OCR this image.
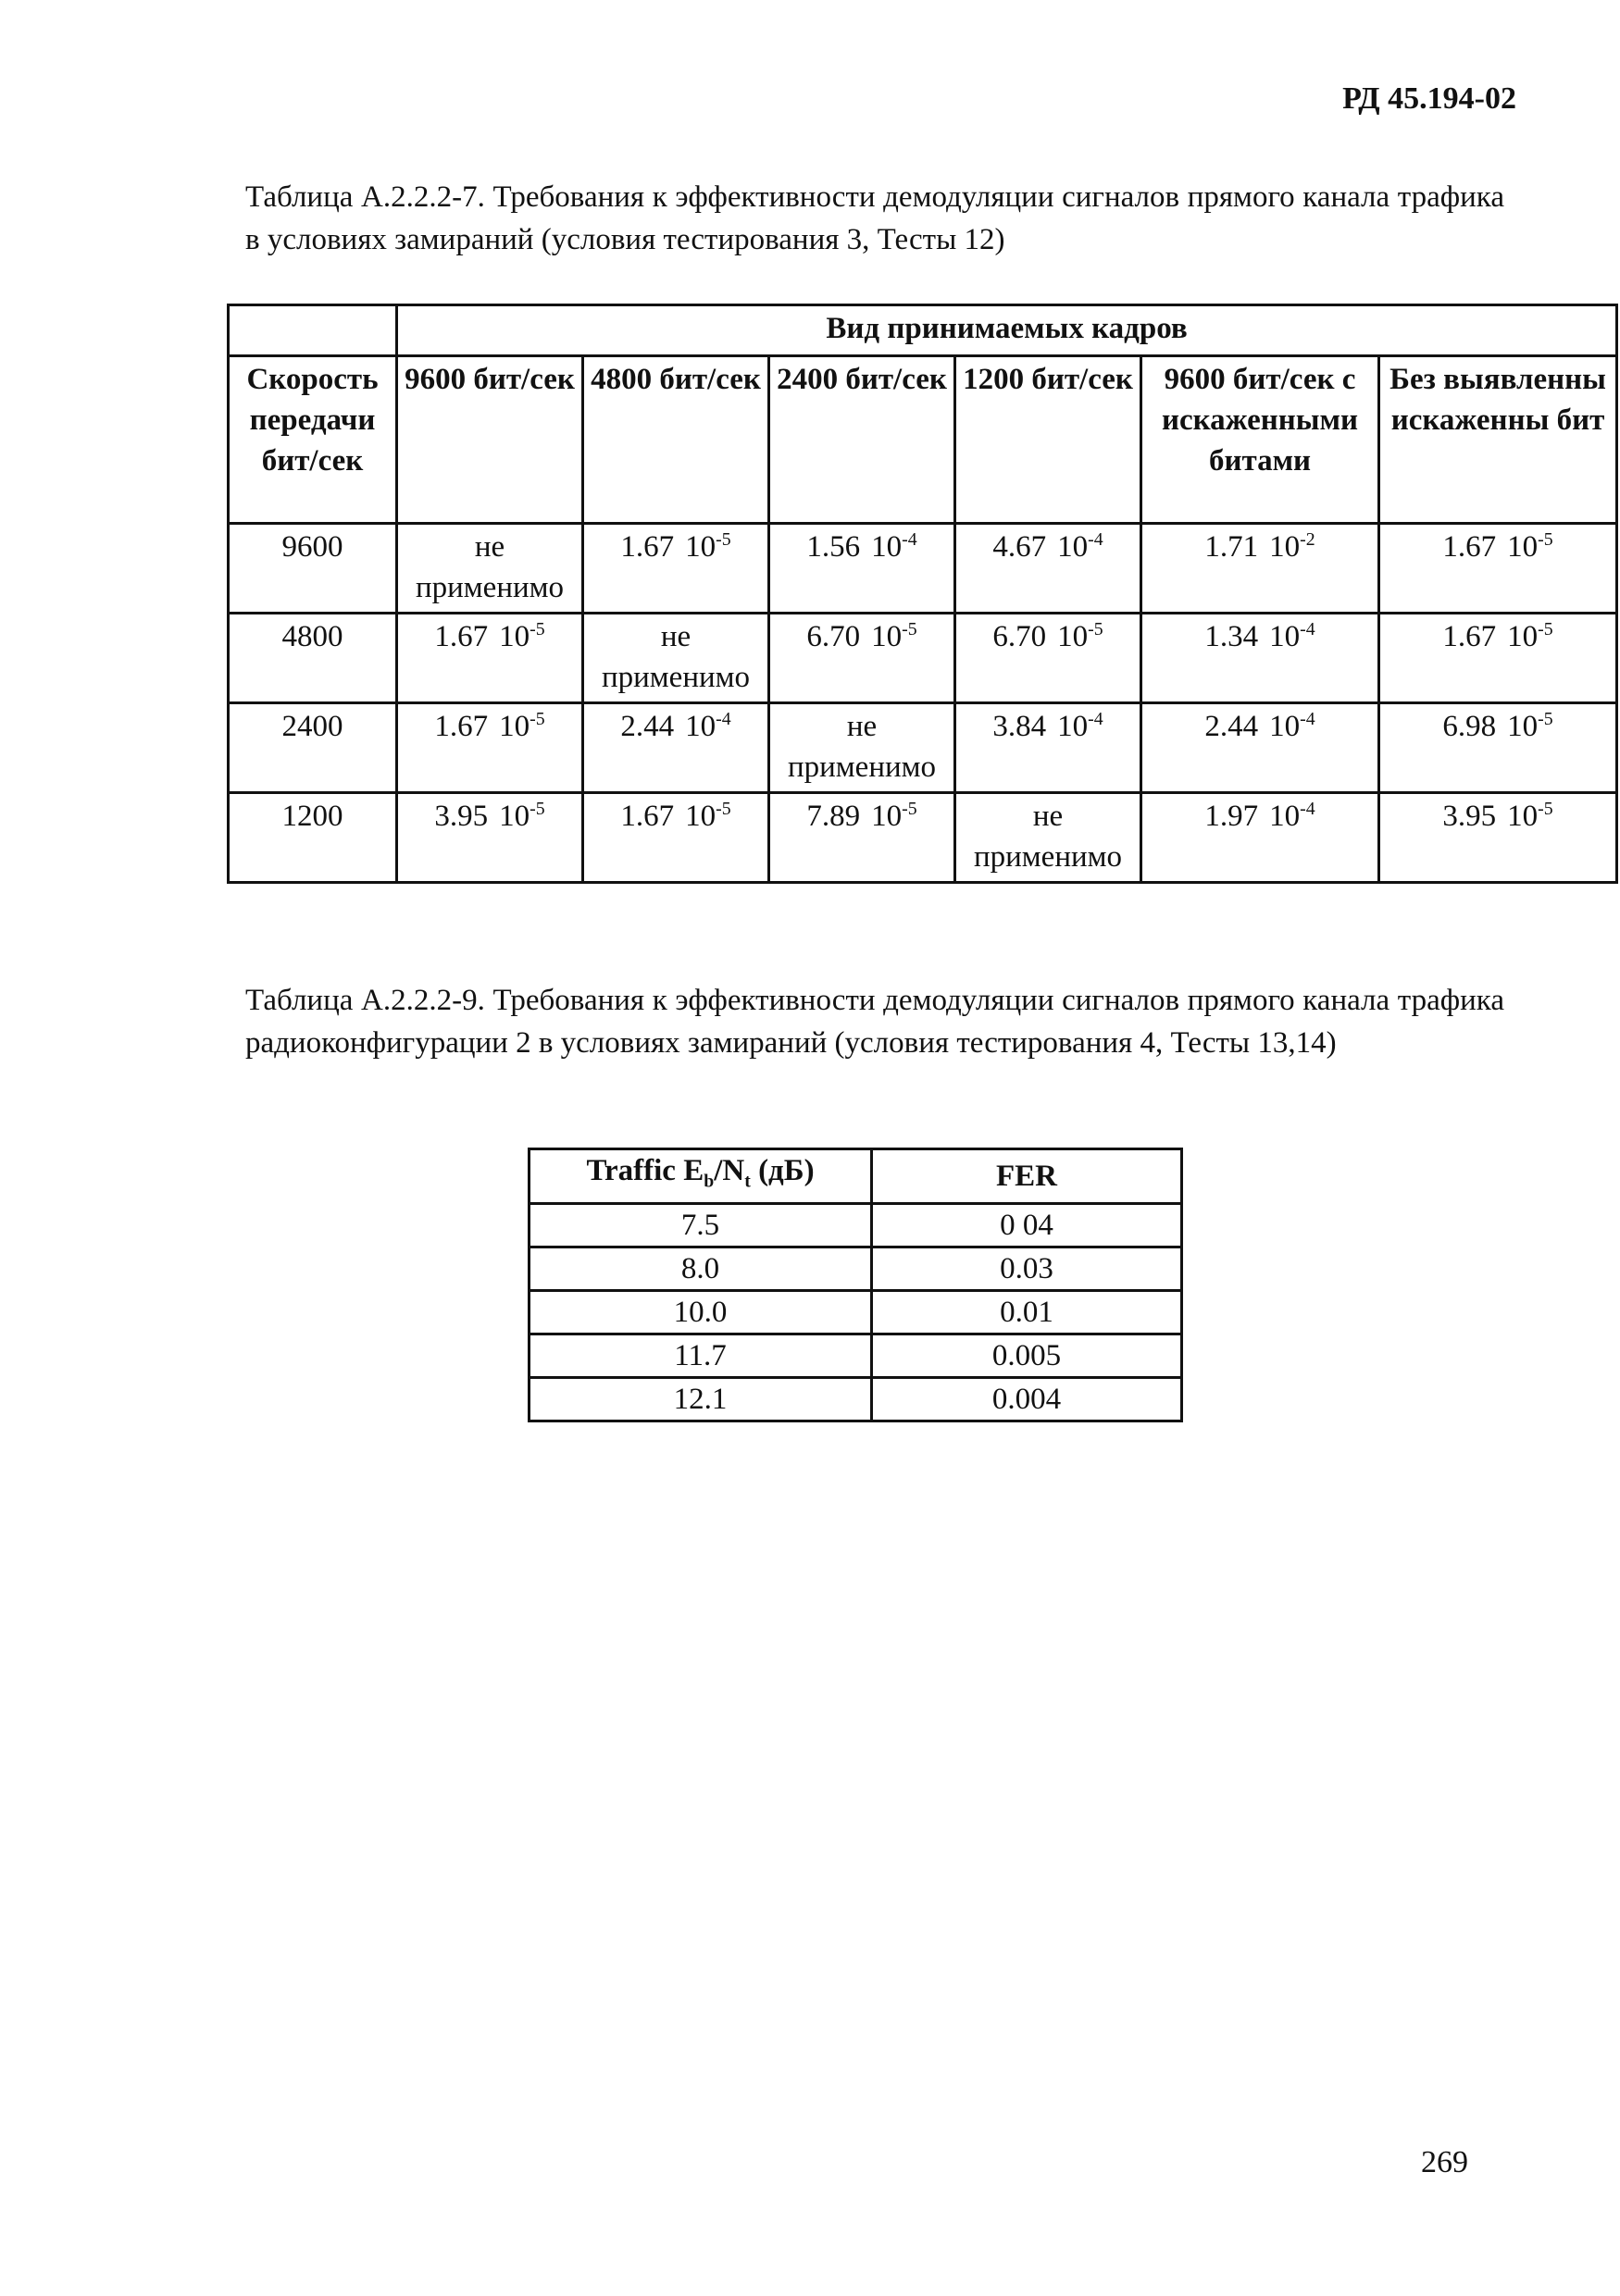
РД 45.194-02
Таблица А.2.2.2-7. Требования к эффективности демодуляции сигналов прямого канала трафика в условиях замираний (условия тестирования 3, Тесты 12)
	Вид принимаемых кадров					
Скорость передачи бит/сек	9600 бит/сек	4800 бит/сек	2400 бит/сек	1200 бит/сек	9600 бит/сек с искаженными битами	Без выявленны искаженны бит
9600	не применимо	1.67 $10^{-5}$	1.56 $10^{-4}$	4.67 $10^{-4}$	1.71 $10^{-2}$	1.67 $10^{-5}$
4800	1.67 $10^{-5}$	не применимо	6.70 $10^{-5}$	6.70 $10^{-5}$	1.34 $10^{-4}$	1.67 $10^{-5}$
2400	1.67 $10^{-5}$	2.44 $10^{-4}$	не применимо	3.84 $10^{-4}$	2.44 $10^{-4}$	6.98 $10^{-5}$
1200	3.95 $10^{-5}$	1.67 $10^{-5}$	7.89 $10^{-5}$	не применимо	1.97 $10^{-4}$	3.95 $10^{-5}$
Таблица А.2.2.2-9. Требования к эффективности демодуляции сигналов прямого канала трафика радиоконфигурации 2 в условиях замираний (условия тестирования 4, Тесты 13,14)
Traffic $E_b/N_t$ (дБ)	FER
7.5	0 04
8.0	0.03
10.0	0.01
11.7	0.005
12.1	0.004
269
